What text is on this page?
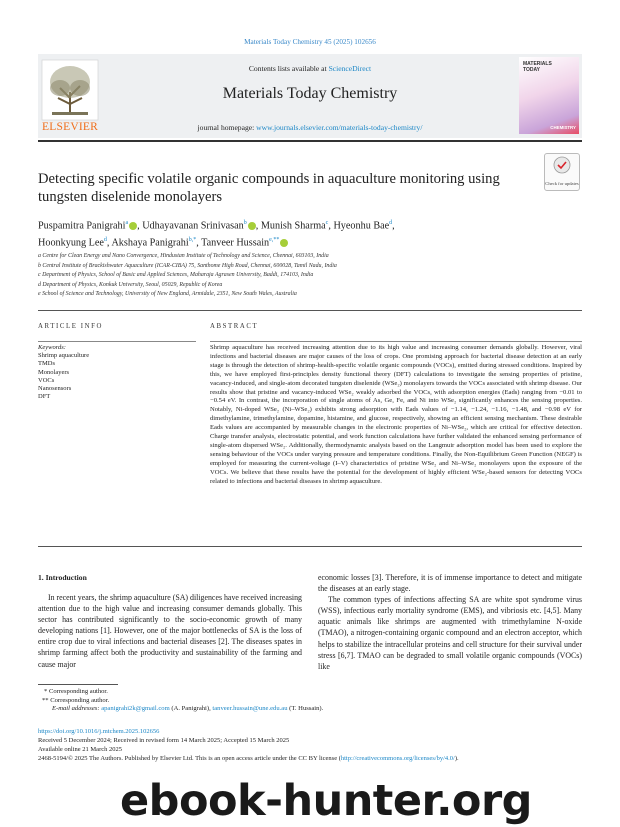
Materials Today Chemistry 45 (2025) 102656
ELSEVIER
Contents lists available at ScienceDirect
Materials Today Chemistry
journal homepage: www.journals.elsevier.com/materials-today-chemistry/
MATERIALS TODAY
CHEMISTRY
Check for updates
Detecting specific volatile organic compounds in aquaculture monitoring using tungsten diselenide monolayers
Puspamitra Panigrahi$^a$ , Udhayavanan Srinivasan$^b$ , Munish Sharma$^c$, Hyeonhu Bae$^d$,
Hoonkyung Lee$^d$, Akshaya Panigrahi$^{b,*}$, Tanveer Hussain$^{e,**}$
a Centre for Clean Energy and Nano Convergence, Hindustan Institute of Technology and Science, Chennai, 603103, India
b Central Institute of Brackishwater Aquaculture (ICAR-CIBA) 75, Santhome High Road, Chennai, 600028, Tamil Nadu, India
c Department of Physics, School of Basic and Applied Sciences, Maharaja Agrasen University, Baddi, 174103, India
d Department of Physics, Konkuk University, Seoul, 05029, Republic of Korea
e School of Science and Technology, University of New England, Armidale, 2351, New South Wales, Australia
ARTICLE INFO	ABSTRACT
Keywords:
Shrimp aquaculture
TMDs
Monolayers
VOCs
Nanosensors
DFT
Shrimp aquaculture has received increasing attention due to its high value and increasing consumer demands globally. However, viral infections and bacterial diseases are major causes of the loss of crops. One promising approach for bacterial disease detection at an early stage is through the detection of shrimp-health-specific volatile organic compounds (VOCs), emitted during stressed conditions. Inspired by this, we have employed first-principles density functional theory (DFT) calculations to investigate the sensing properties of pristine, vacancy-induced, and single-atom decorated tungsten diselenide (WSe₂) monolayers towards the VOCs associated with shrimp disease. Our results show that pristine and vacancy-induced WSe₂ weakly adsorbed the VOCs, with adsorption energies (Eads) ranging from −0.01 to −0.54 eV. In contrast, the incorporation of single atoms of As, Ge, Fe, and Ni into WSe₂ significantly enhances the sensing properties. Notably, Ni-doped WSe₂ (Ni–WSe₂) exhibits strong adsorption with Eads values of −1.14, −1.24, −1.16, −1.48, and −0.98 eV for dimethylamine, trimethylamine, dopamine, histamine, and glucose, respectively, showing an efficient sensing mechanism. These desirable Eads values are accompanied by measurable changes in the electronic properties of Ni–WSe₂, which are critical for effective detection. Charge transfer analysis, electrostatic potential, and work function calculations have further validated the enhanced sensing performance of single-atom dispersed WSe₂. Additionally, thermodynamic analysis based on the Langmuir adsorption model has been used to explore the sensing behaviour of the VOCs under varying pressure and temperature conditions. Finally, the Non-Equilibrium Green Function (NEGF) is employed for measuring the current-voltage (I–V) characteristics of pristine WSe₂ and Ni–WSe₂ monolayers upon the exposure of the VOCs. We believe that these results have the potential for the development of highly efficient WSe₂-based sensors for detecting VOCs related to infections and bacterial diseases in shrimp aquaculture.
1. Introduction

In recent years, the shrimp aquaculture (SA) diligences have received increasing attention due to the high value and increasing consumer demands globally. This sector has contributed significantly to the socio-economic growth of many developing nations [1]. However, one of the major bottlenecks of SA is the loss of entire crop due to viral infections and bacterial diseases [2]. The diseases spates in shrimp farming affect both the productivity and sustainability of the farming and cause major

economic losses [3]. Therefore, it is of immense importance to detect and mitigate the diseases at an early stage.

The common types of infections affecting SA are white spot syndrome virus (WSS), infectious early mortality syndrome (EMS), and vibriosis etc. [4,5]. Many aquatic animals like shrimps are augmented with trimethylamine N-oxide (TMAO), a nitrogen-containing organic compound and an electron acceptor, which helps to stabilize the intracellular proteins and cell structure for their survival under stress [6,7]. TMAO can be degraded to small volatile organic compounds (VOCs) like

* Corresponding author.
** Corresponding author.
E-mail addresses: apanigrahi2k@gmail.com (A. Panigrahi), tanveer.hussain@une.edu.au (T. Hussain).
https://doi.org/10.1016/j.mtchem.2025.102656
Received 5 December 2024; Received in revised form 14 March 2025; Accepted 15 March 2025
Available online 21 March 2025
2468-5194/© 2025 The Authors. Published by Elsevier Ltd. This is an open access article under the CC BY license (http://creativecommons.org/licenses/by/4.0/).
ebook-hunter.org
